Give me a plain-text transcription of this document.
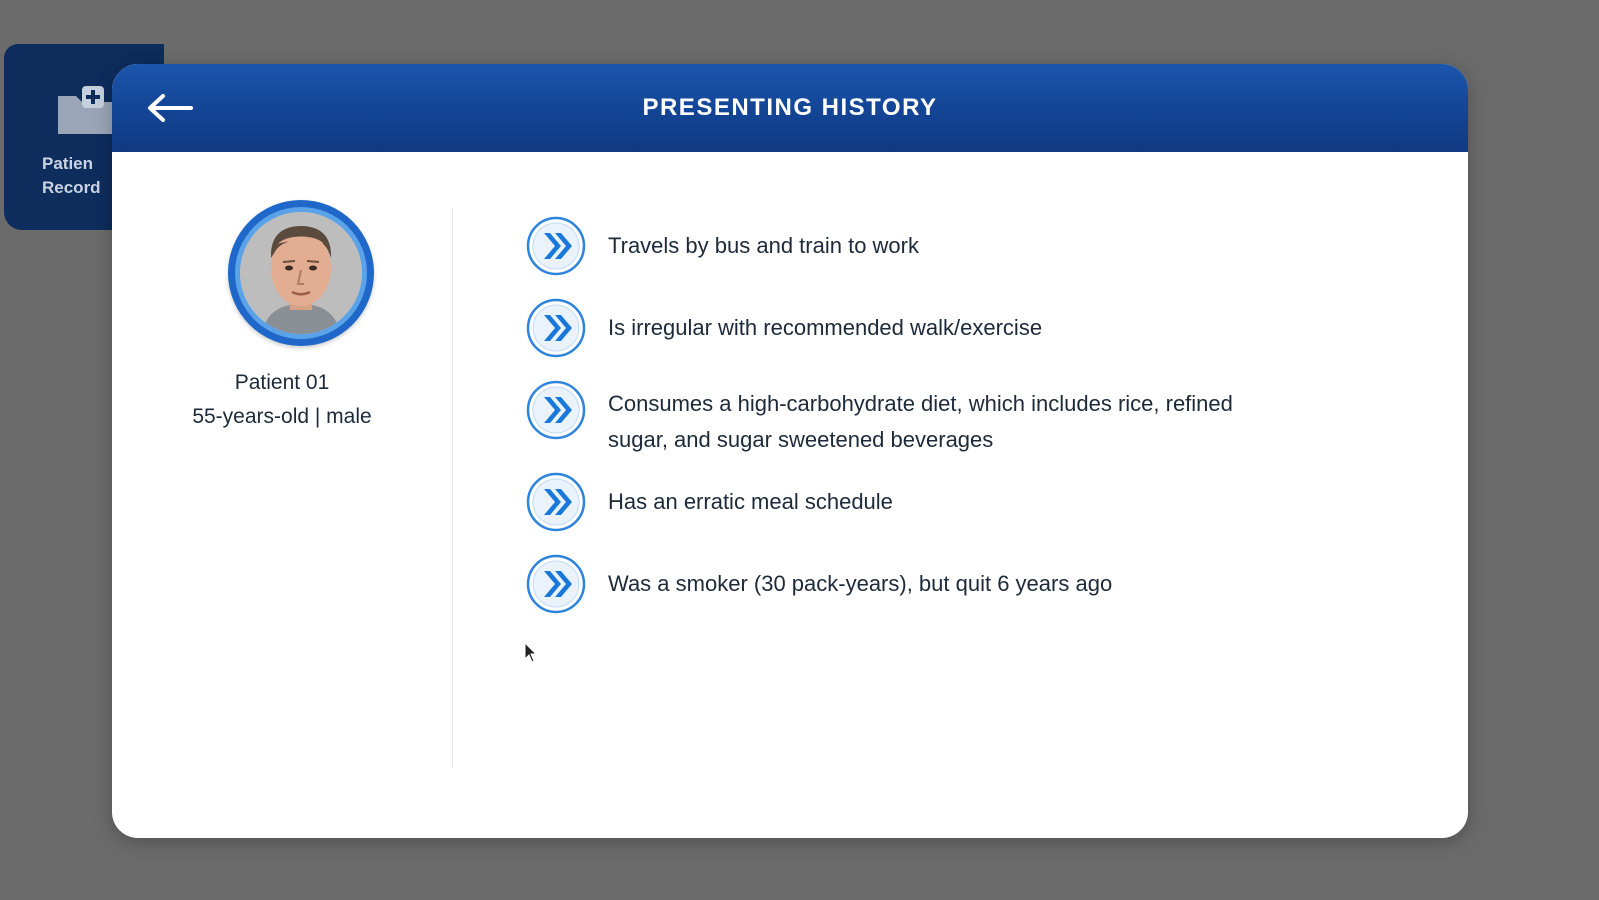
Patien
Record
PRESENTING HISTORY
Patient 01
55-years-old | male
Travels by bus and train to work
Is irregular with recommended walk/exercise
Consumes a high-carbohydrate diet, which includes rice, refined sugar, and sugar sweetened beverages
Has an erratic meal schedule
Was a smoker (30 pack-years), but quit 6 years ago
